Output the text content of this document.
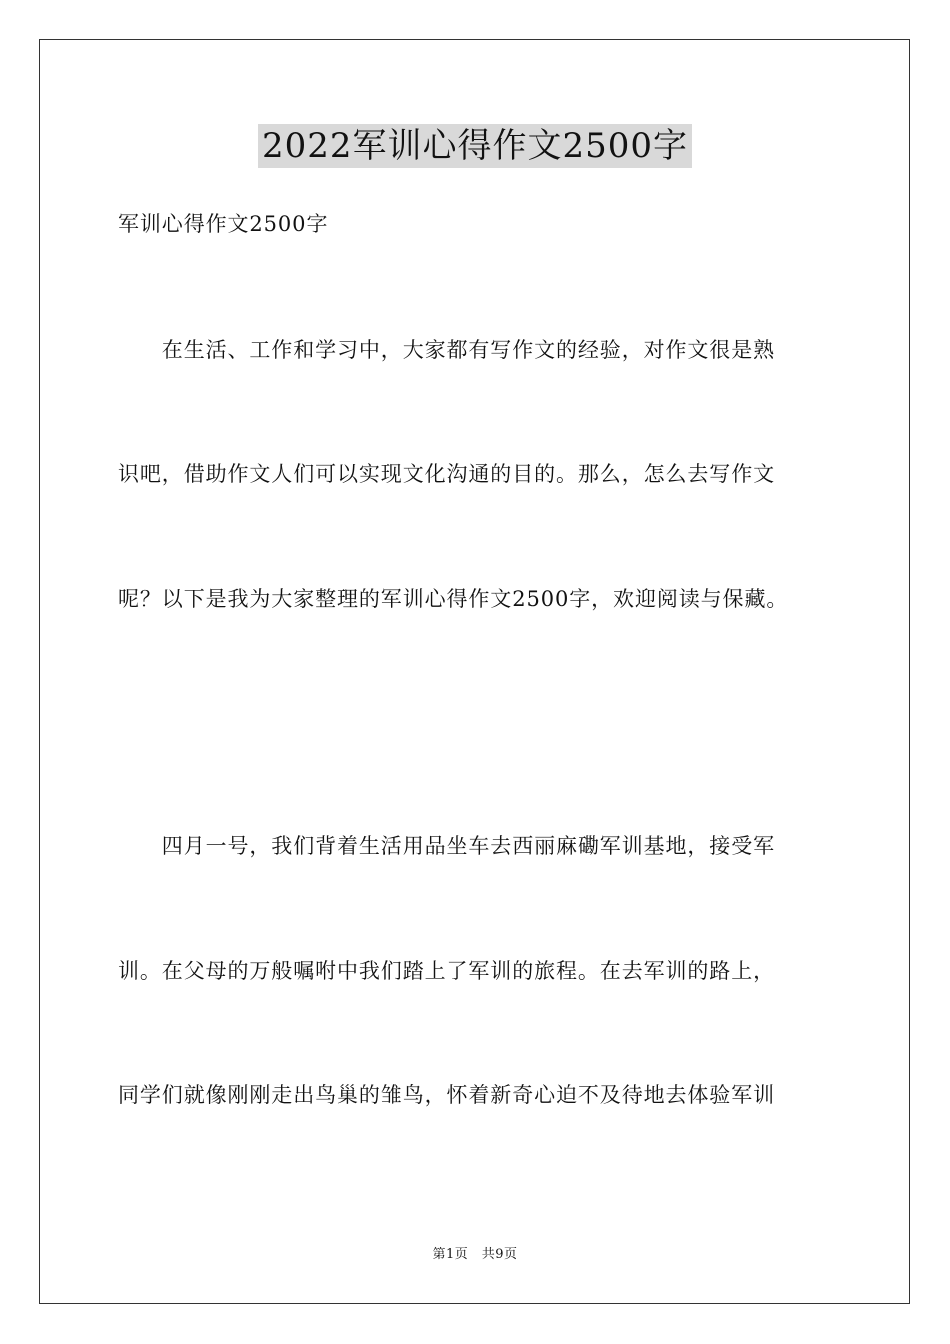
2022军训心得作文2500字
军训心得作文2500字
　　在生活、工作和学习中，大家都有写作文的经验，对作文很是熟
识吧，借助作文人们可以实现文化沟通的目的。那么，怎么去写作文
呢？以下是我为大家整理的军训心得作文2500字，欢迎阅读与保藏。
　　四月一号，我们背着生活用品坐车去西丽麻磡军训基地，接受军
训。在父母的万般嘱咐中我们踏上了军训的旅程。在去军训的路上，
同学们就像刚刚走出鸟巢的雏鸟，怀着新奇心迫不及待地去体验军训
第1页　共9页
